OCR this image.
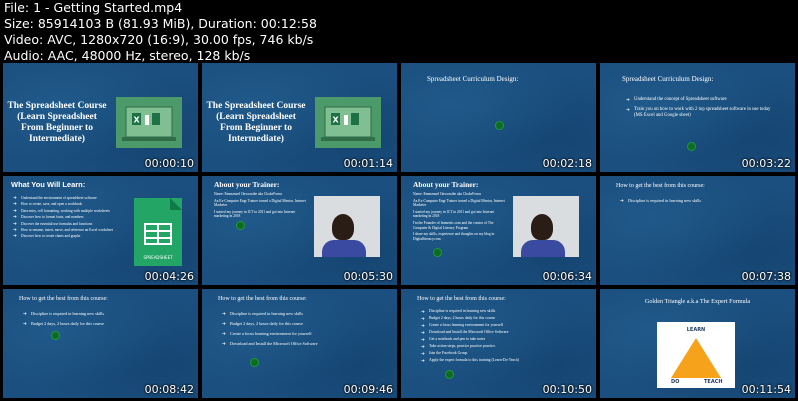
File: 1 - Getting Started.mp4
Size: 85914103 B (81.93 MiB), Duration: 00:12:58
Video: AVC, 1280x720 (16:9), 30.00 fps, 746 kb/s
Audio: AAC, 48000 Hz, stereo, 128 kb/s
The Spreadsheet Course (Learn Spreadsheet From Beginner to Intermediate)
X
00:00:10
The Spreadsheet Course (Learn Spreadsheet From Beginner to Intermediate)
X
00:01:14
Spreadsheet Curriculum Design:
00:02:18
Spreadsheet Curriculum Design:
➔ Understand the concept of Spreadsheet software
➔ Train you on how to work with 2 top spreadsheet software in use today (MS Excel and Google sheet)
00:03:22
What You Will Learn:
➔ Understand the environment of spreadsheet software
➔ How to create, save, and open a workbook
➔ Data entry, cell formatting, working with multiple worksheets
➔ Discover how to format fonts, and numbers
➔ Discover the essential use formulas and functions
➔ How to rename, insert, move, and reference an Excel worksheet
➔ Discover how to create charts and graphs
SPREADSHEET
00:04:26
About your Trainer:
Name: Emmanuel Onwuruibe aka ChokeFornu
An Ex-Computer Engr Trainer turned a Digital Mentor, Internet Marketer
I started my journey in ICT in 2011 and got into Internet marketing in 2018
00:05:30
About your Trainer:
Name: Emmanuel Onwuruibe aka ChokeFornu
An Ex-Computer Engr Trainer turned a Digital Mentor, Internet Marketer
I started my journey in ICT in 2011 and got into Internet marketing in 2018
I'm the Founder of Immertic.com and the creator of The Computer & Digital Literacy Program
I share my skills, experience and thoughts on my blog in Digitalliteracy.com
00:06:34
How to get the best from this course:
➔ Discipline is required in learning new skills
00:07:38
How to get the best from this course:
➔ Discipline is required in learning new skills
➔ Budget 2 days, 2 hours daily for this course
00:08:42
How to get the best from this course:
➔ Discipline is required in learning new skills
➔ Budget 2 days, 2 hours daily for this course
➔ Create a focus learning environment for yourself
➔ Download and Install the Microsoft Office Software
00:09:46
How to get the best from this course:
➔ Discipline is required in learning new skills
➔ Budget 2 days, 2 hours daily for this course
➔ Create a focus learning environment for yourself
➔ Download and Install the Microsoft Office Software
➔ Get a notebook and pen to take notes
➔ Take action steps, practice practice practice.
➔ Join the Facebook Group
➔ Apply the expert formula to this training (Learn-Do-Teach)
00:10:50
Golden Triangle a.k.a The Expert Formula
LEARN
DO	TEACH
00:11:54
